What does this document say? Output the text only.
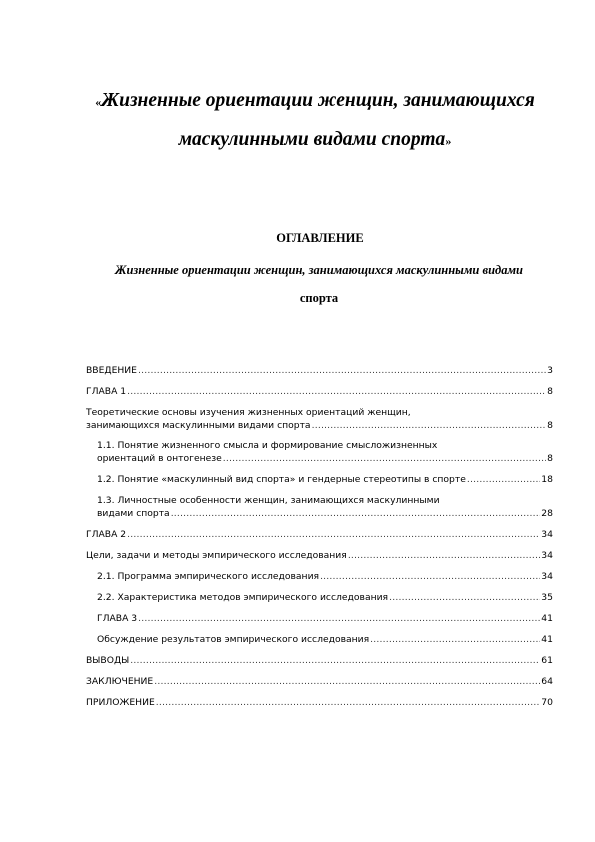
«Жизненные ориентации женщин, занимающихся
маскулинными видами спорта»
ОГЛАВЛЕНИЕ
Жизненные ориентации женщин, занимающихся маскулинными видами
спорта
ВВЕДЕНИЕ .....	3
ГЛАВА 1 .....	8
Теоретические основы изучения жизненных ориентаций женщин,
занимающихся маскулинными видами спорта .....	8
1.1. Понятие жизненного смысла и формирование смысложизненных
ориентаций в онтогенезе .....	8
1.2. Понятие «маскулинный вид спорта» и гендерные стереотипы в спорте .....	18
1.3. Личностные особенности женщин, занимающихся маскулинными
видами спорта .....	28
ГЛАВА 2 .....	34
Цели, задачи и методы эмпирического исследования .....	34
2.1. Программа эмпирического исследования .....	34
2.2. Характеристика методов эмпирического исследования .....	35
ГЛАВА 3 .....	41
Обсуждение результатов эмпирического исследования .....	41
ВЫВОДЫ .....	61
ЗАКЛЮЧЕНИЕ .....	64
ПРИЛОЖЕНИЕ .....	70
